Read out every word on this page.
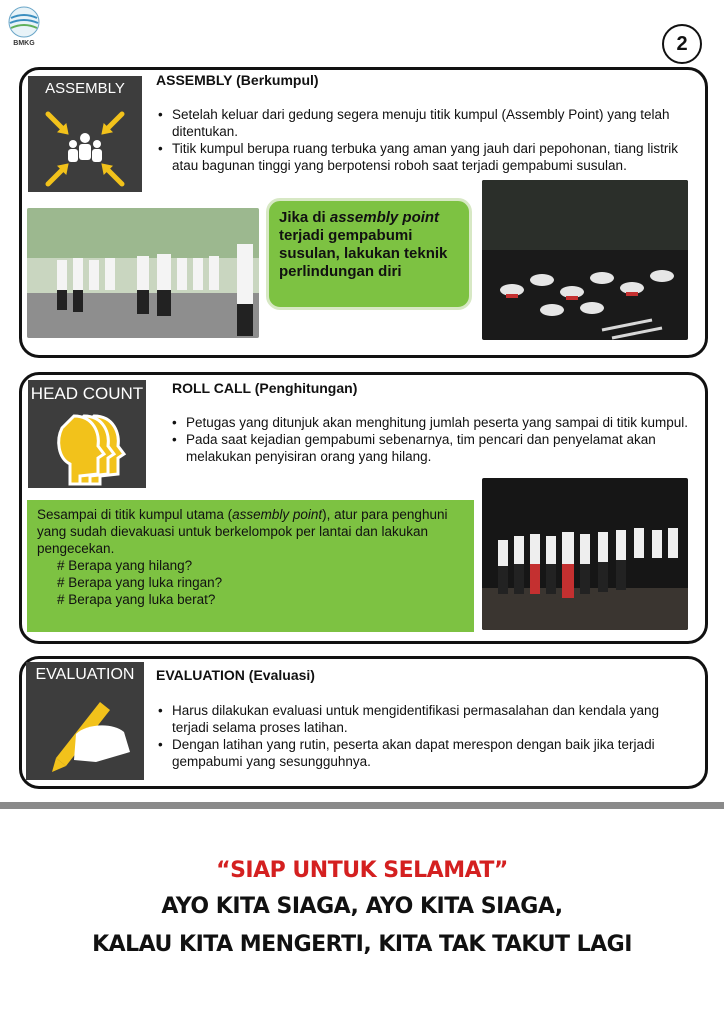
BMKG	2
ASSEMBLY	ASSEMBLY (Berkumpul)
• Setelah keluar dari gedung segera menuju titik kumpul (Assembly Point) yang telah ditentukan.
• Titik kumpul berupa ruang terbuka yang aman yang jauh dari pepohonan, tiang listrik atau bagunan tinggi yang berpotensi roboh saat terjadi gempabumi susulan.
Jika di assembly point terjadi gempabumi susulan, lakukan teknik perlindungan diri
HEAD COUNT ROLL CALL (Penghitungan)
• Petugas yang ditunjuk akan menghitung jumlah peserta yang sampai di titik kumpul.
• Pada saat kejadian gempabumi sebenarnya, tim pencari dan penyelamat akan melakukan penyisiran orang yang hilang.
Sesampai di titik kumpul utama (assembly point), atur para penghuni yang sudah dievakuasi untuk berkelompok per lantai dan lakukan pengecekan.
# Berapa yang hilang?
# Berapa yang luka ringan?
# Berapa yang luka berat?
EVALUATION	EVALUATION (Evaluasi)
• Harus dilakukan evaluasi untuk mengidentifikasi permasalahan dan kendala yang terjadi selama proses latihan.
• Dengan latihan yang rutin, peserta akan dapat merespon dengan baik jika terjadi gempabumi yang sesungguhnya.
“SIAP UNTUK SELAMAT”
AYO KITA SIAGA, AYO KITA SIAGA,
KALAU KITA MENGERTI, KITA TAK TAKUT LAGI
